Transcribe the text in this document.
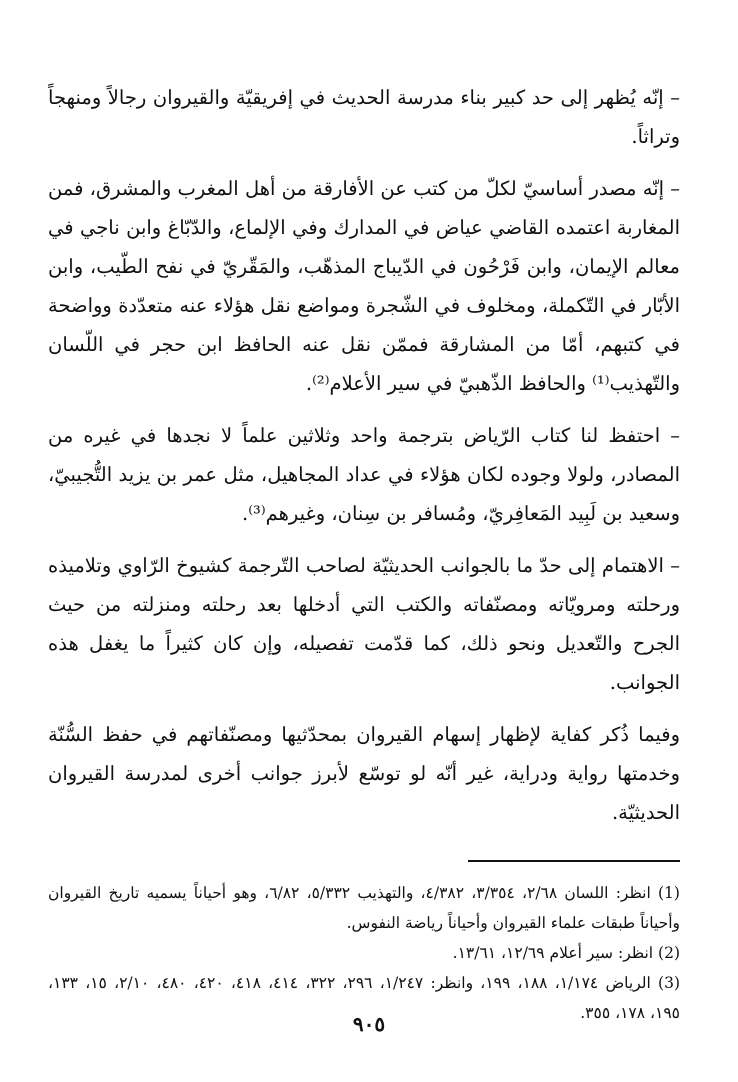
– إنّه يُظهر إلى حد كبير بناء مدرسة الحديث في إفريقيّة والقيروان رجالاً ومنهجاً وتراثاً.

– إنّه مصدر أساسيّ لكلّ من كتب عن الأفارقة من أهل المغرب والمشرق، فمن المغاربة اعتمده القاضي عياض في المدارك وفي الإلماع، والدّبّاغ وابن ناجي في معالم الإيمان، وابن فَرْحُون في الدّيباج المذهّب، والمَقّريّ في نفح الطّيب، وابن الأبّار في التّكملة، ومخلوف في الشّجرة ومواضع نقل هؤلاء عنه متعدّدة وواضحة في كتبهم، أمّا من المشارقة فممّن نقل عنه الحافظ ابن حجر في اللّسان والتّهذيب⁽¹⁾ والحافظ الذّهبيّ في سير الأعلام⁽²⁾.

– احتفظ لنا كتاب الرّياض بترجمة واحد وثلاثين علماً لا نجدها في غيره من المصادر، ولولا وجوده لكان هؤلاء في عداد المجاهيل، مثل عمر بن يزيد التُّجيبيّ، وسعيد بن لَبِيد المَعافِريّ، ومُسافر بن سِنان، وغيرهم⁽³⁾.

– الاهتمام إلى حدّ ما بالجوانب الحديثيّة لصاحب التّرجمة كشيوخ الرّاوي وتلاميذه ورحلته ومرويّاته ومصنّفاته والكتب التي أدخلها بعد رحلته ومنزلته من حيث الجرح والتّعديل ونحو ذلك، كما قدّمت تفصيله، وإن كان كثيراً ما يغفل هذه الجوانب.

وفيما ذُكر كفاية لإظهار إسهام القيروان بمحدّثيها ومصنّفاتهم في حفظ السُّنّة وخدمتها رواية ودراية، غير أنّه لو توسّع لأبرز جوانب أخرى لمدرسة القيروان الحديثيّة.

(1) انظر: اللسان ٢/٦٨، ٣/٣٥٤، ٤/٣٨٢، والتهذيب ٥/٣٣٢، ٦/٨٢، وهو أحياناً يسميه تاريخ القيروان وأحياناً طبقات علماء القيروان وأحياناً رياضة النفوس.

(2) انظر: سير أعلام ١٢/٦٩، ١٣/٦١.

(3) الرياض ١/١٧٤، ١٨٨، ١٩٩، وانظر: ١/٢٤٧، ٢٩٦، ٣٢٢، ٤١٤، ٤١٨، ٤٢٠، ٤٨٠، ٢/١٠، ١٥، ١٣٣، ١٩٥، ١٧٨، ٣٥٥.

٩٠٥
